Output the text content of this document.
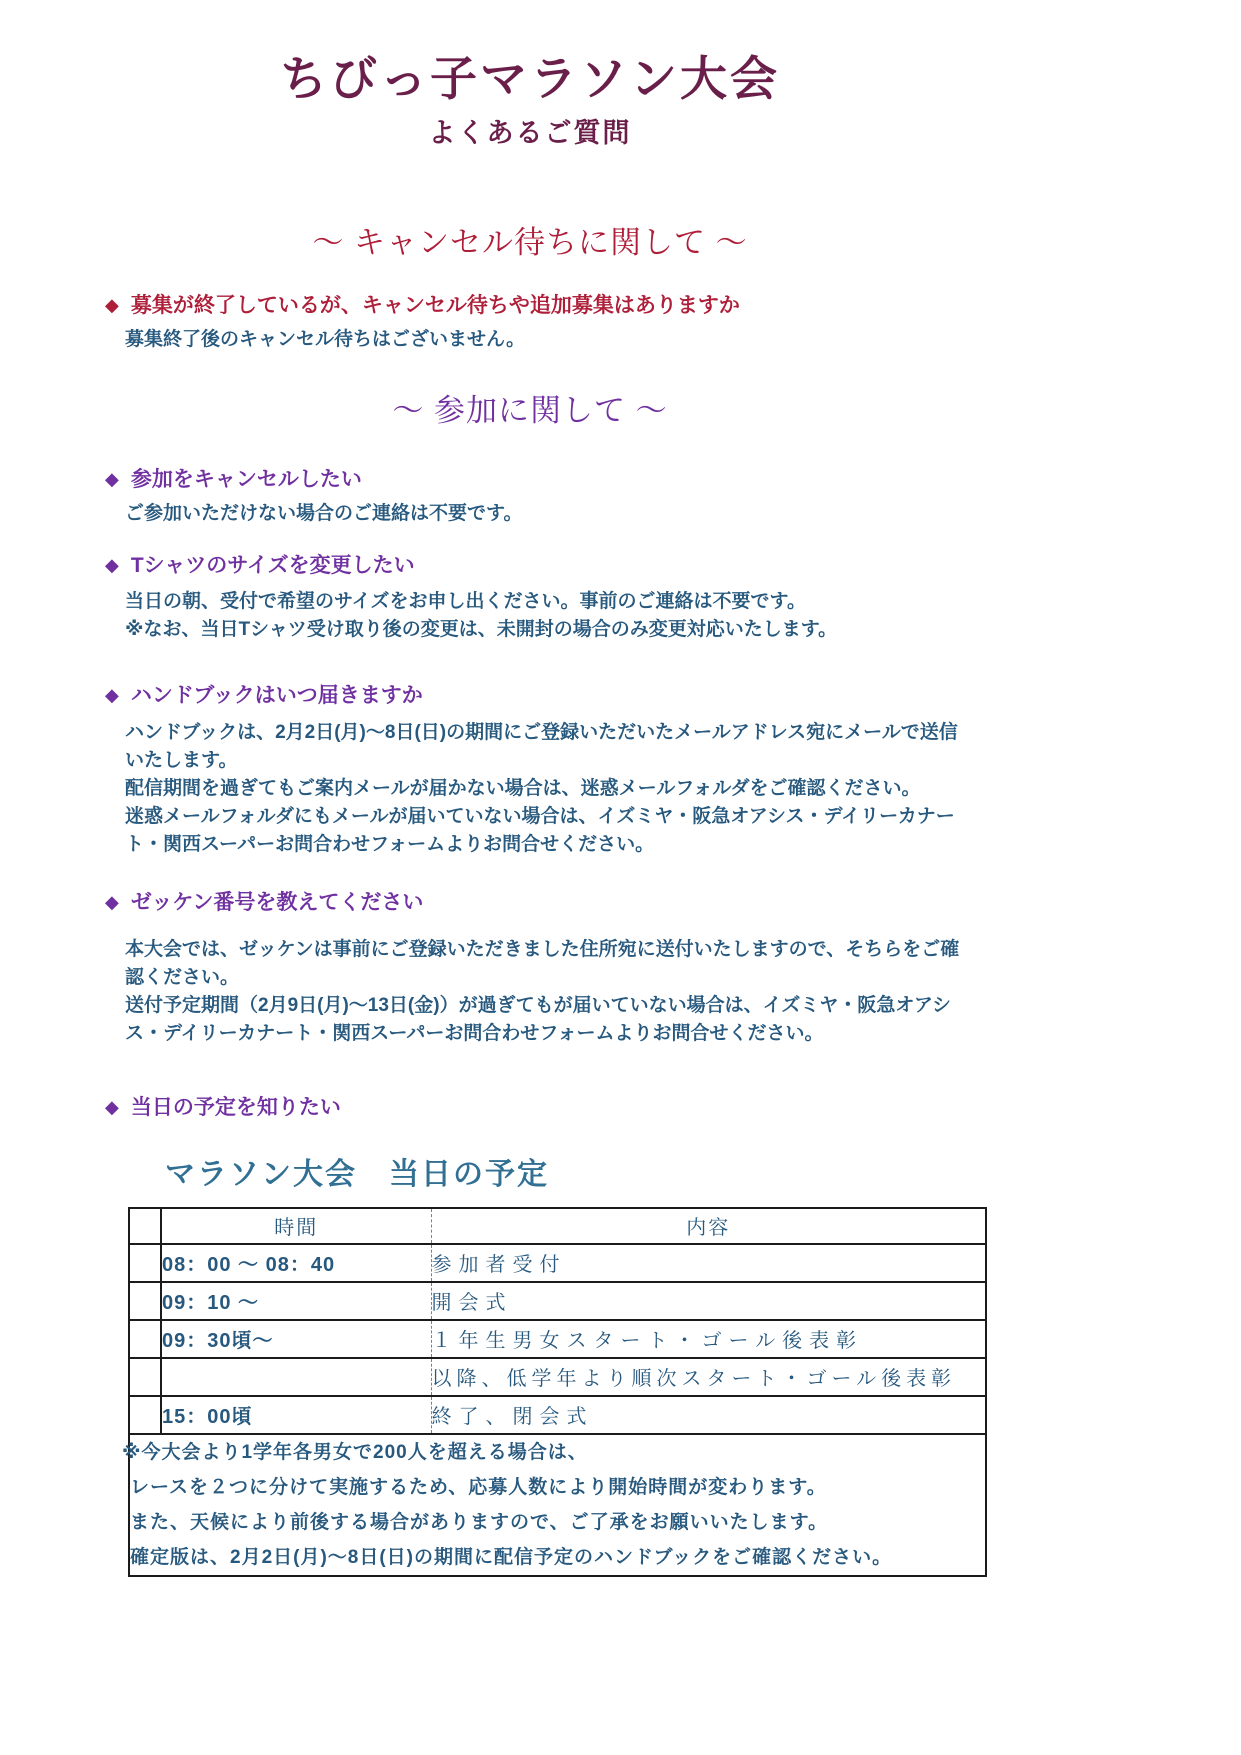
ちびっ子マラソン大会
よくあるご質問
～ キャンセル待ちに関して ～
◆ 募集が終了しているが、キャンセル待ちや追加募集はありますか

募集終了後のキャンセル待ちはございません。

～ 参加に関して ～
◆ 参加をキャンセルしたい

ご参加いただけない場合のご連絡は不要です。

◆ Tシャツのサイズを変更したい

当日の朝、受付で希望のサイズをお申し出ください。事前のご連絡は不要です。

※なお、当日Tシャツ受け取り後の変更は、未開封の場合のみ変更対応いたします。

◆ ハンドブックはいつ届きますか

ハンドブックは、2月2日(月)～8日(日)の期間にご登録いただいたメールアドレス宛にメールで送信いたします。

配信期間を過ぎてもご案内メールが届かない場合は、迷惑メールフォルダをご確認ください。

迷惑メールフォルダにもメールが届いていない場合は、イズミヤ・阪急オアシス・デイリーカナート・関西スーパーお問合わせフォームよりお問合せください。

◆ ゼッケン番号を教えてください

本大会では、ゼッケンは事前にご登録いただきました住所宛に送付いたしますので、そちらをご確認ください。

送付予定期間（2月9日(月)～13日(金)）が過ぎてもが届いていない場合は、イズミヤ・阪急オアシス・デイリーカナート・関西スーパーお問合わせフォームよりお問合せください。

◆ 当日の予定を知りたい
マラソン大会　当日の予定
	時間	内容
	08：00 ～ 08：40	参加者受付
	09：10 ～	開会式
	09：30頃～	１年生男女スタート・ゴール後表彰
		以降、低学年より順次スタート・ゴール後表彰
	15：00頃	終了、閉会式

※今大会より1学年各男女で200人を超える場合は、

レースを２つに分けて実施するため、応募人数により開始時間が変わります。

また、天候により前後する場合がありますので、ご了承をお願いいたします。

確定版は、2月2日(月)～8日(日)の期間に配信予定のハンドブックをご確認ください。		
